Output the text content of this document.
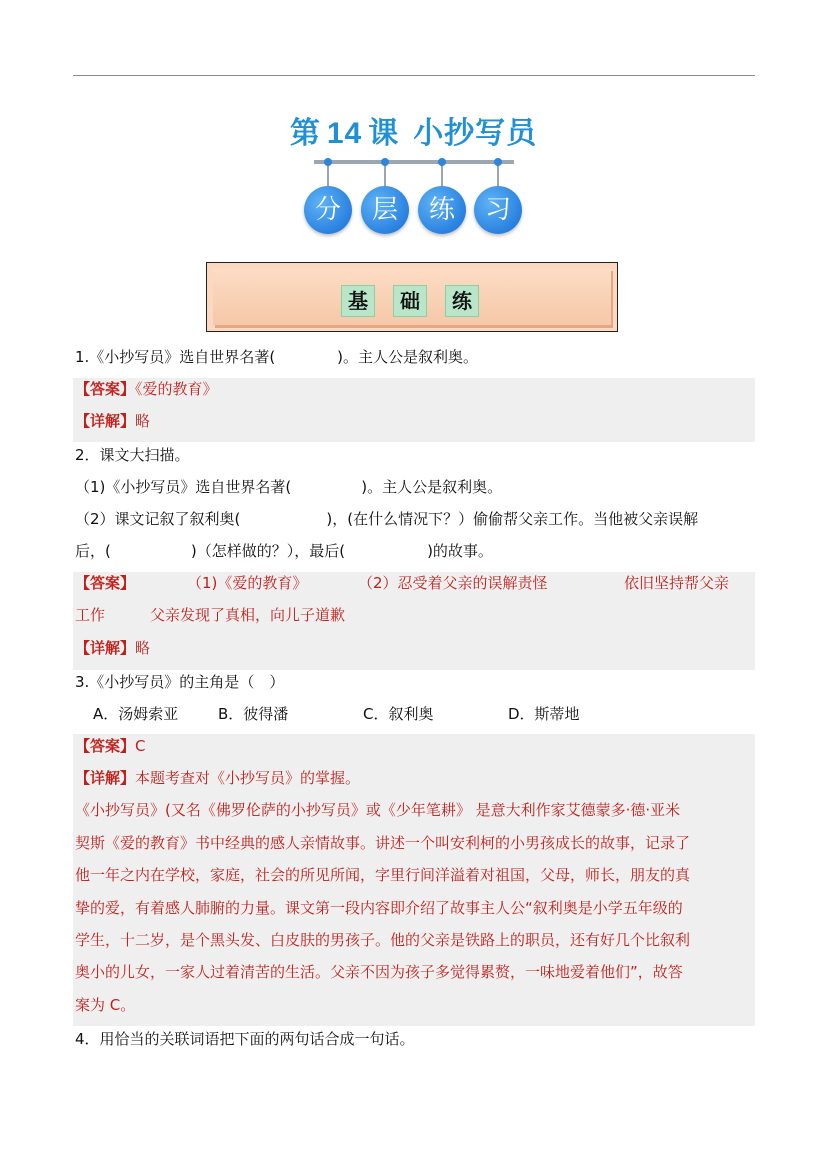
第 14 课 小抄写员
分	层	练	习
基	础	练
1.《小抄写员》选自世界名著(	)。主人公是叙利奥。
【答案】《爱的教育》
【详解】略
2．课文大扫描。
（1)《小抄写员》选自世界名著(	)。主人公是叙利奥。
（2）课文记叙了叙利奥(	)，(在什么情况下？）偷偷帮父亲工作。当他被父亲误解
后，(	)（怎样做的？），最后(	)的故事。
【答案】	（1)《爱的教育》	（2）忍受着父亲的误解责怪	依旧坚持帮父亲
工作	父亲发现了真相，向儿子道歉
【详解】略
3.《小抄写员》的主角是（　）
A．汤姆索亚	B．彼得潘	C．叙利奥	D．斯蒂地
【答案】C
【详解】本题考查对《小抄写员》的掌握。
《小抄写员》(又名《佛罗伦萨的小抄写员》或《少年笔耕》 是意大利作家艾德蒙多·德·亚米
契斯《爱的教育》书中经典的感人亲情故事。讲述一个叫安利柯的小男孩成长的故事，记录了
他一年之内在学校，家庭，社会的所见所闻，字里行间洋溢着对祖国，父母，师长，朋友的真
挚的爱，有着感人肺腑的力量。课文第一段内容即介绍了故事主人公“叙利奥是小学五年级的
学生，十二岁，是个黑头发、白皮肤的男孩子。他的父亲是铁路上的职员，还有好几个比叙利
奥小的儿女，一家人过着清苦的生活。父亲不因为孩子多觉得累赘，一味地爱着他们”，故答
案为 C。
4．用恰当的关联词语把下面的两句话合成一句话。
